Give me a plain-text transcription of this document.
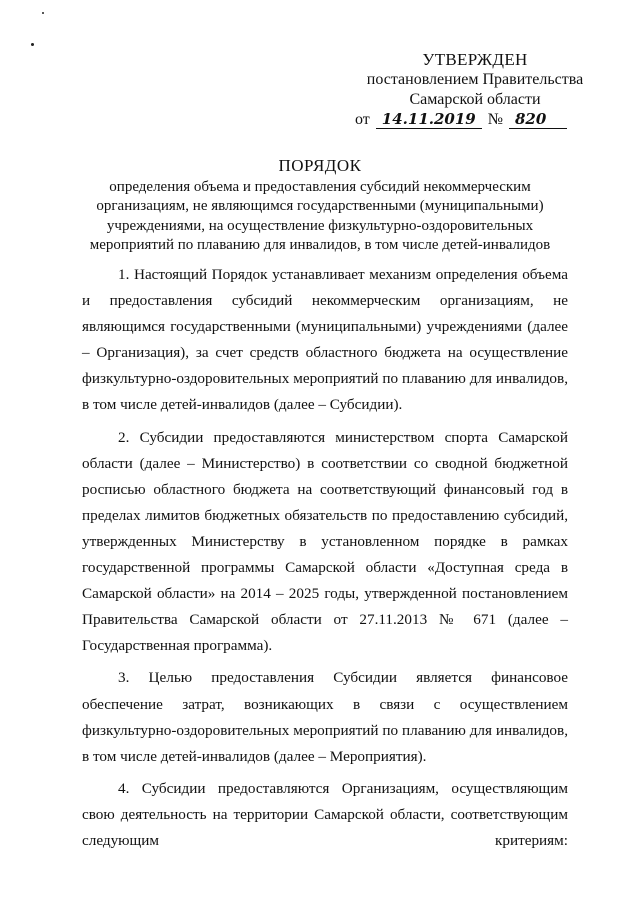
УТВЕРЖДЕН
постановлением Правительства
Самарской области
от 14.11.2019 № 820
ПОРЯДОК
определения объема и предоставления субсидий некоммерческим организациям, не являющимся государственными (муниципальными) учреждениями, на осуществление физкультурно-оздоровительных мероприятий по плаванию для инвалидов, в том числе детей-инвалидов

1. Настоящий Порядок устанавливает механизм определения объема и предоставления субсидий некоммерческим организациям, не являющимся государственными (муниципальными) учреждениями (далее – Организация), за счет средств областного бюджета на осуществление физкультурно-оздоровительных мероприятий по плаванию для инвалидов, в том числе детей-инвалидов (далее – Субсидии).

2. Субсидии предоставляются министерством спорта Самарской области (далее – Министерство) в соответствии со сводной бюджетной росписью областного бюджета на соответствующий финансовый год в пределах лимитов бюджетных обязательств по предоставлению субсидий, утвержденных Министерству в установленном порядке в рамках государственной программы Самарской области «Доступная среда в Самарской области» на 2014 – 2025 годы, утвержденной постановлением Правительства Самарской области от 27.11.2013 № 671 (далее – Государственная программа).

3. Целью предоставления Субсидии является финансовое обеспечение затрат, возникающих в связи с осуществлением физкультурно-оздоровительных мероприятий по плаванию для инвалидов, в том числе детей-инвалидов (далее – Мероприятия).

4. Субсидии предоставляются Организациям, осуществляющим свою деятельность на территории Самарской области, соответствующим следующим критериям:
